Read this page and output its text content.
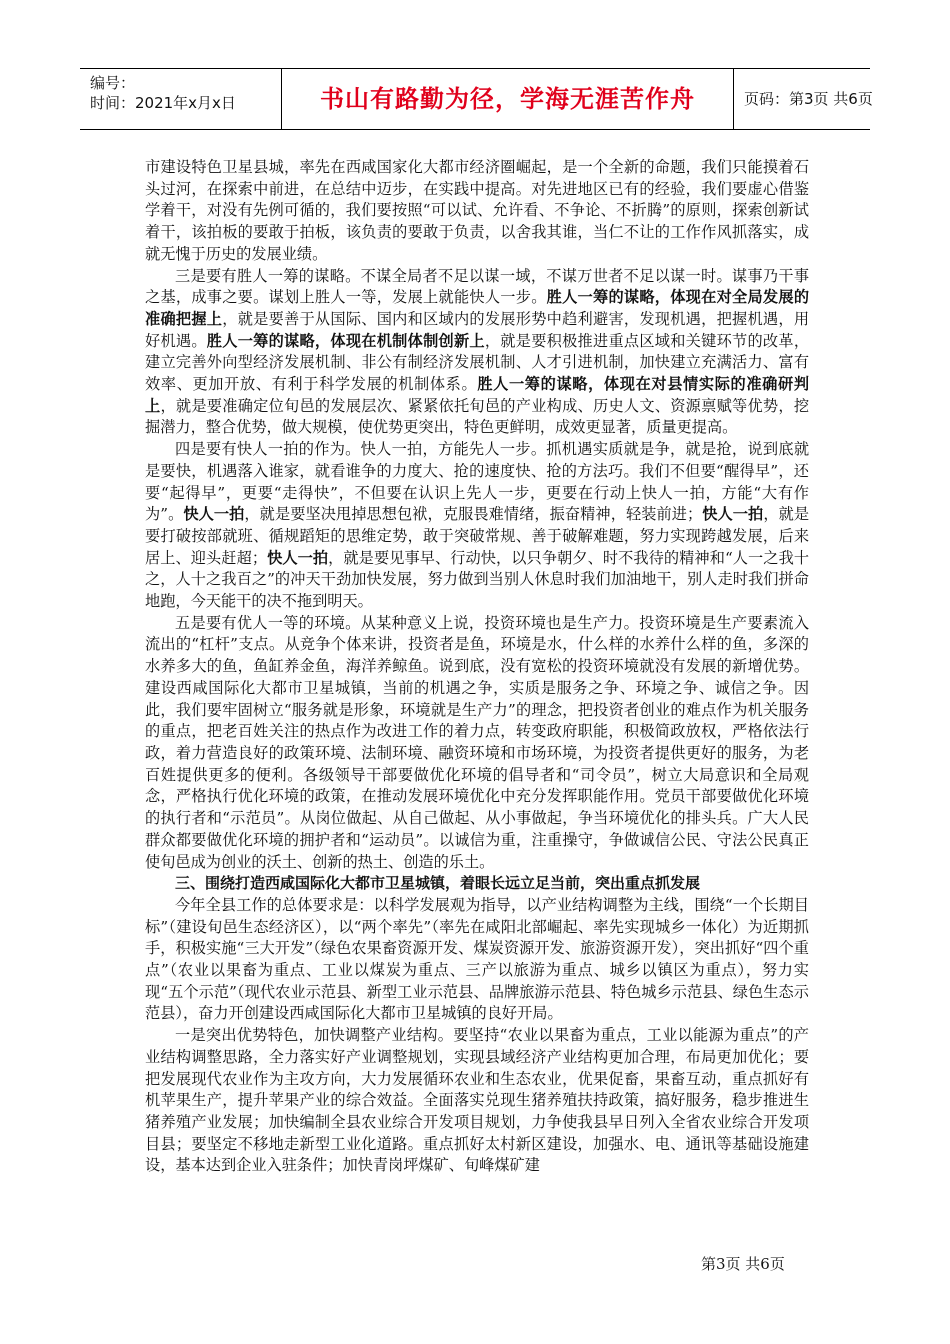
编号：
时间：2021年x月x日	书山有路勤为径，学海无涯苦作舟	页码：第3页 共6页

市建设特色卫星县城，率先在西咸国家化大都市经济圈崛起，是一个全新的命题，我们只能摸着石头过河，在探索中前进，在总结中迈步，在实践中提高。对先进地区已有的经验，我们要虚心借鉴学着干，对没有先例可循的，我们要按照“可以试、允许看、不争论、不折腾”的原则，探索创新试着干，该拍板的要敢于拍板，该负责的要敢于负责，以舍我其谁，当仁不让的工作作风抓落实，成就无愧于历史的发展业绩。

三是要有胜人一筹的谋略。不谋全局者不足以谋一域，不谋万世者不足以谋一时。谋事乃干事之基，成事之要。谋划上胜人一等，发展上就能快人一步。胜人一筹的谋略，体现在对全局发展的准确把握上，就是要善于从国际、国内和区域内的发展形势中趋利避害，发现机遇，把握机遇，用好机遇。胜人一筹的谋略，体现在机制体制创新上，就是要积极推进重点区域和关键环节的改革，建立完善外向型经济发展机制、非公有制经济发展机制、人才引进机制，加快建立充满活力、富有效率、更加开放、有利于科学发展的机制体系。胜人一筹的谋略，体现在对县情实际的准确研判上，就是要准确定位旬邑的发展层次、紧紧依托旬邑的产业构成、历史人文、资源禀赋等优势，挖掘潜力，整合优势，做大规模，使优势更突出，特色更鲜明，成效更显著，质量更提高。

四是要有快人一拍的作为。快人一拍，方能先人一步。抓机遇实质就是争，就是抢，说到底就是要快，机遇落入谁家，就看谁争的力度大、抢的速度快、抢的方法巧。我们不但要“醒得早”，还要“起得早”，更要“走得快”，不但要在认识上先人一步，更要在行动上快人一拍，方能“大有作为”。快人一拍，就是要坚决甩掉思想包袱，克服畏难情绪，振奋精神，轻装前进；快人一拍，就是要打破按部就班、循规蹈矩的思维定势，敢于突破常规、善于破解难题，努力实现跨越发展，后来居上、迎头赶超；快人一拍，就是要见事早、行动快，以只争朝夕、时不我待的精神和“人一之我十之，人十之我百之”的冲天干劲加快发展，努力做到当别人休息时我们加油地干，别人走时我们拼命地跑，今天能干的决不拖到明天。

五是要有优人一等的环境。从某种意义上说，投资环境也是生产力。投资环境是生产要素流入流出的“杠杆”支点。从竞争个体来讲，投资者是鱼，环境是水，什么样的水养什么样的鱼，多深的水养多大的鱼，鱼缸养金鱼，海洋养鲸鱼。说到底，没有宽松的投资环境就没有发展的新增优势。建设西咸国际化大都市卫星城镇，当前的机遇之争，实质是服务之争、环境之争、诚信之争。因此，我们要牢固树立“服务就是形象，环境就是生产力”的理念，把投资者创业的难点作为机关服务的重点，把老百姓关注的热点作为改进工作的着力点，转变政府职能，积极简政放权，严格依法行政，着力营造良好的政策环境、法制环境、融资环境和市场环境，为投资者提供更好的服务，为老百姓提供更多的便利。各级领导干部要做优化环境的倡导者和“司令员”，树立大局意识和全局观念，严格执行优化环境的政策，在推动发展环境优化中充分发挥职能作用。党员干部要做优化环境的执行者和“示范员”。从岗位做起、从自己做起、从小事做起，争当环境优化的排头兵。广大人民群众都要做优化环境的拥护者和“运动员”。以诚信为重，注重操守，争做诚信公民、守法公民真正使旬邑成为创业的沃土、创新的热土、创造的乐土。

三、围绕打造西咸国际化大都市卫星城镇，着眼长远立足当前，突出重点抓发展

今年全县工作的总体要求是：以科学发展观为指导，以产业结构调整为主线，围绕“一个长期目标”（建设旬邑生态经济区），以“两个率先”（率先在咸阳北部崛起、率先实现城乡一体化）为近期抓手，积极实施“三大开发”（绿色农果畜资源开发、煤炭资源开发、旅游资源开发），突出抓好“四个重点”（农业以果畜为重点、工业以煤炭为重点、三产以旅游为重点、城乡以镇区为重点），努力实现“五个示范”（现代农业示范县、新型工业示范县、品牌旅游示范县、特色城乡示范县、绿色生态示范县），奋力开创建设西咸国际化大都市卫星城镇的良好开局。

一是突出优势特色，加快调整产业结构。要坚持“农业以果畜为重点，工业以能源为重点”的产业结构调整思路，全力落实好产业调整规划，实现县域经济产业结构更加合理，布局更加优化；要把发展现代农业作为主攻方向，大力发展循环农业和生态农业，优果促畜，果畜互动，重点抓好有机苹果生产，提升苹果产业的综合效益。全面落实兑现生猪养殖扶持政策，搞好服务，稳步推进生猪养殖产业发展；加快编制全县农业综合开发项目规划，力争使我县早日列入全省农业综合开发项目县；要坚定不移地走新型工业化道路。重点抓好太村新区建设，加强水、电、通讯等基础设施建设，基本达到企业入驻条件；加快青岗坪煤矿、旬峰煤矿建

第3页 共6页
